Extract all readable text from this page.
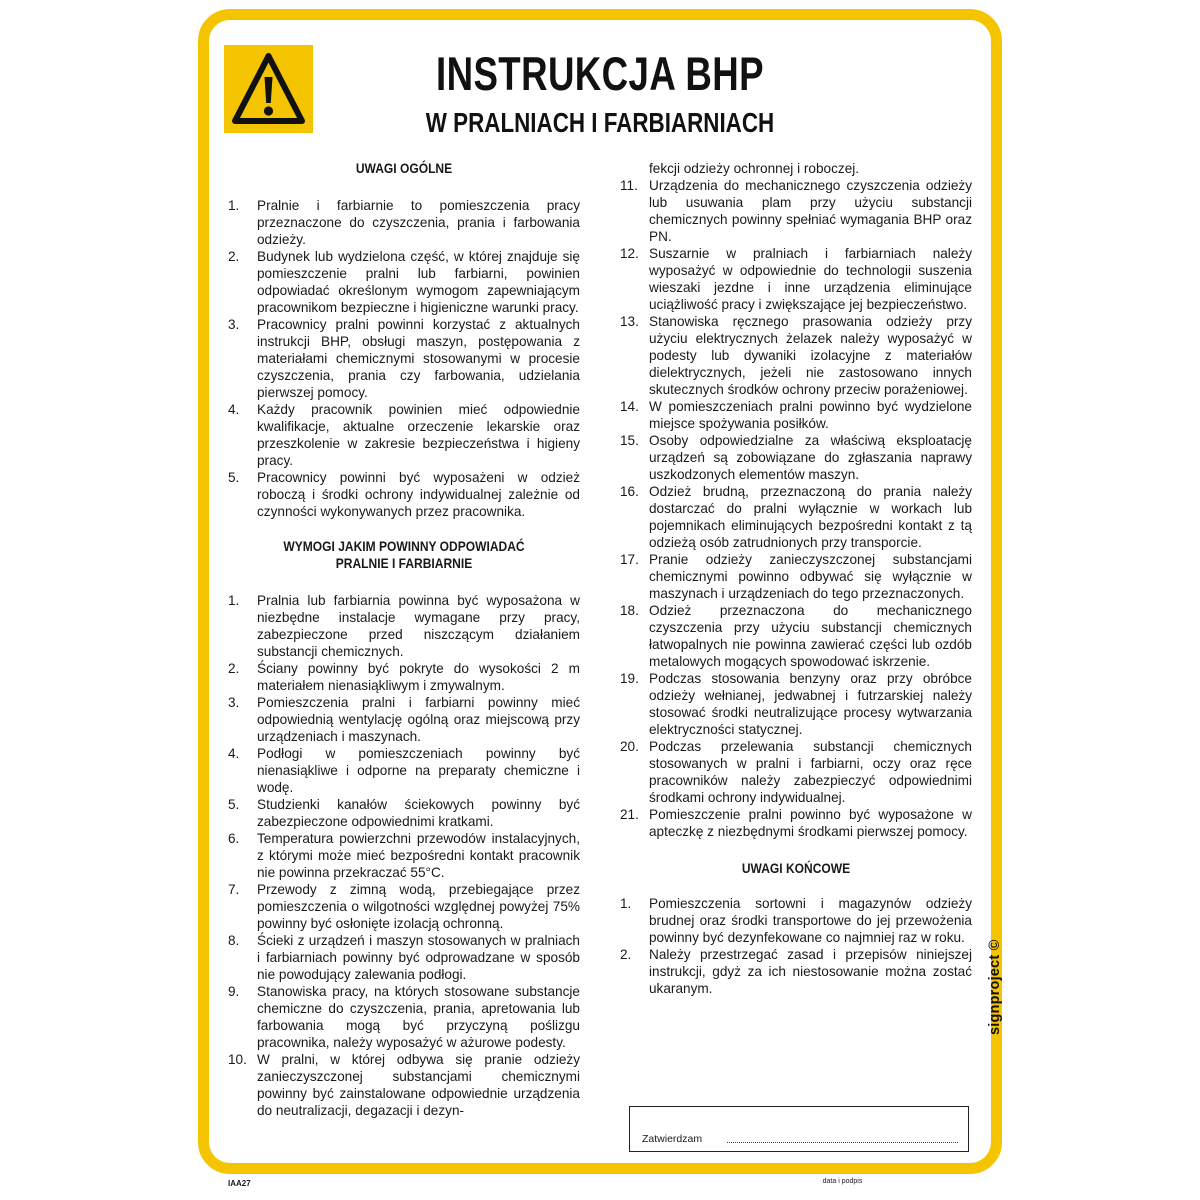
INSTRUKCJA BHP
W PRALNIACH I FARBIARNIACH
UWAGI OGÓLNE
1. Pralnie i farbiarnie to pomieszczenia pracy przeznaczone do czyszczenia, prania i farbowania odzieży.
2. Budynek lub wydzielona część, w której znajduje się pomieszczenie pralni lub farbiarni, powinien odpowiadać określonym wymogom zapewniającym pracownikom bezpieczne i higieniczne warunki pracy.
3. Pracownicy pralni powinni korzystać z aktualnych instrukcji BHP, obsługi maszyn, postępowania z materiałami chemicznymi stosowanymi w procesie czyszczenia, prania czy farbowania, udzielania pierwszej pomocy.
4. Każdy pracownik powinien mieć odpowiednie kwalifikacje, aktualne orzeczenie lekarskie oraz przeszkolenie w zakresie bezpieczeństwa i higieny pracy.
5. Pracownicy powinni być wyposażeni w odzież roboczą i środki ochrony indywidualnej zależnie od czynności wykonywanych przez pracownika.
WYMOGI JAKIM POWINNY ODPOWIADAĆ
PRALNIE I FARBIARNIE
1. Pralnia lub farbiarnia powinna być wyposażona w niezbędne instalacje wymagane przy pracy, zabezpieczone przed niszczącym działaniem substancji chemicznych.
2. Ściany powinny być pokryte do wysokości 2 m materiałem nienasiąkliwym i zmywalnym.
3. Pomieszczenia pralni i farbiarni powinny mieć odpowiednią wentylację ogólną oraz miejscową przy urządzeniach i maszynach.
4. Podłogi w pomieszczeniach powinny być nienasiąkliwe i odporne na preparaty chemiczne i wodę.
5. Studzienki kanałów ściekowych powinny być zabezpieczone odpowiednimi kratkami.
6. Temperatura powierzchni przewodów instalacyjnych, z którymi może mieć bezpośredni kontakt pracownik nie powinna przekraczać 55°C.
7. Przewody z zimną wodą, przebiegające przez pomieszczenia o wilgotności względnej powyżej 75% powinny być osłonięte izolacją ochronną.
8. Ścieki z urządzeń i maszyn stosowanych w pralniach i farbiarniach powinny być odprowadzane w sposób nie powodujący zalewania podłogi.
9. Stanowiska pracy, na których stosowane substancje chemiczne do czyszczenia, prania, apretowania lub farbowania mogą być przyczyną poślizgu pracownika, należy wyposażyć w ażurowe podesty.
10. W pralni, w której odbywa się pranie odzieży zanieczyszczonej substancjami chemicznymi powinny być zainstalowane odpowiednie urządzenia do neutralizacji, degazacji i dezyn-
fekcji odzieży ochronnej i roboczej.
11. Urządzenia do mechanicznego czyszczenia odzieży lub usuwania plam przy użyciu substancji chemicznych powinny spełniać wymagania BHP oraz PN.
12. Suszarnie w pralniach i farbiarniach należy wyposażyć w odpowiednie do technologii suszenia wieszaki jezdne i inne urządzenia eliminujące uciążliwość pracy i zwiększające jej bezpieczeństwo.
13. Stanowiska ręcznego prasowania odzieży przy użyciu elektrycznych żelazek należy wyposażyć w podesty lub dywaniki izolacyjne z materiałów dielektrycznych, jeżeli nie zastosowano innych skutecznych środków ochrony przeciw porażeniowej.
14. W pomieszczeniach pralni powinno być wydzielone miejsce spożywania posiłków.
15. Osoby odpowiedzialne za właściwą eksploatację urządzeń są zobowiązane do zgłaszania naprawy uszkodzonych elementów maszyn.
16. Odzież brudną, przeznaczoną do prania należy dostarczać do pralni wyłącznie w workach lub pojemnikach eliminujących bezpośredni kontakt z tą odzieżą osób zatrudnionych przy transporcie.
17. Pranie odzieży zanieczyszczonej substancjami chemicznymi powinno odbywać się wyłącznie w maszynach i urządzeniach do tego przeznaczonych.
18. Odzież przeznaczona do mechanicznego czyszczenia przy użyciu substancji chemicznych łatwopalnych nie powinna zawierać części lub ozdób metalowych mogących spowodować iskrzenie.
19. Podczas stosowania benzyny oraz przy obróbce odzieży wełnianej, jedwabnej i futrzarskiej należy stosować środki neutralizujące procesy wytwarzania elektryczności statycznej.
20. Podczas przelewania substancji chemicznych stosowanych w pralni i farbiarni, oczy oraz ręce pracowników należy zabezpieczyć odpowiednimi środkami ochrony indywidualnej.
21. Pomieszczenie pralni powinno być wyposażone w apteczkę z niezbędnymi środkami pierwszej pomocy.
UWAGI KOŃCOWE
1. Pomieszczenia sortowni i magazynów odzieży brudnej oraz środki transportowe do jej przewożenia powinny być dezynfekowane co najmniej raz w roku.
2. Należy przestrzegać zasad i przepisów niniejszej instrukcji, gdyż za ich niestosowanie można zostać ukaranym.
Zatwierdzam
data i podpis
signproject ©
IAA27
